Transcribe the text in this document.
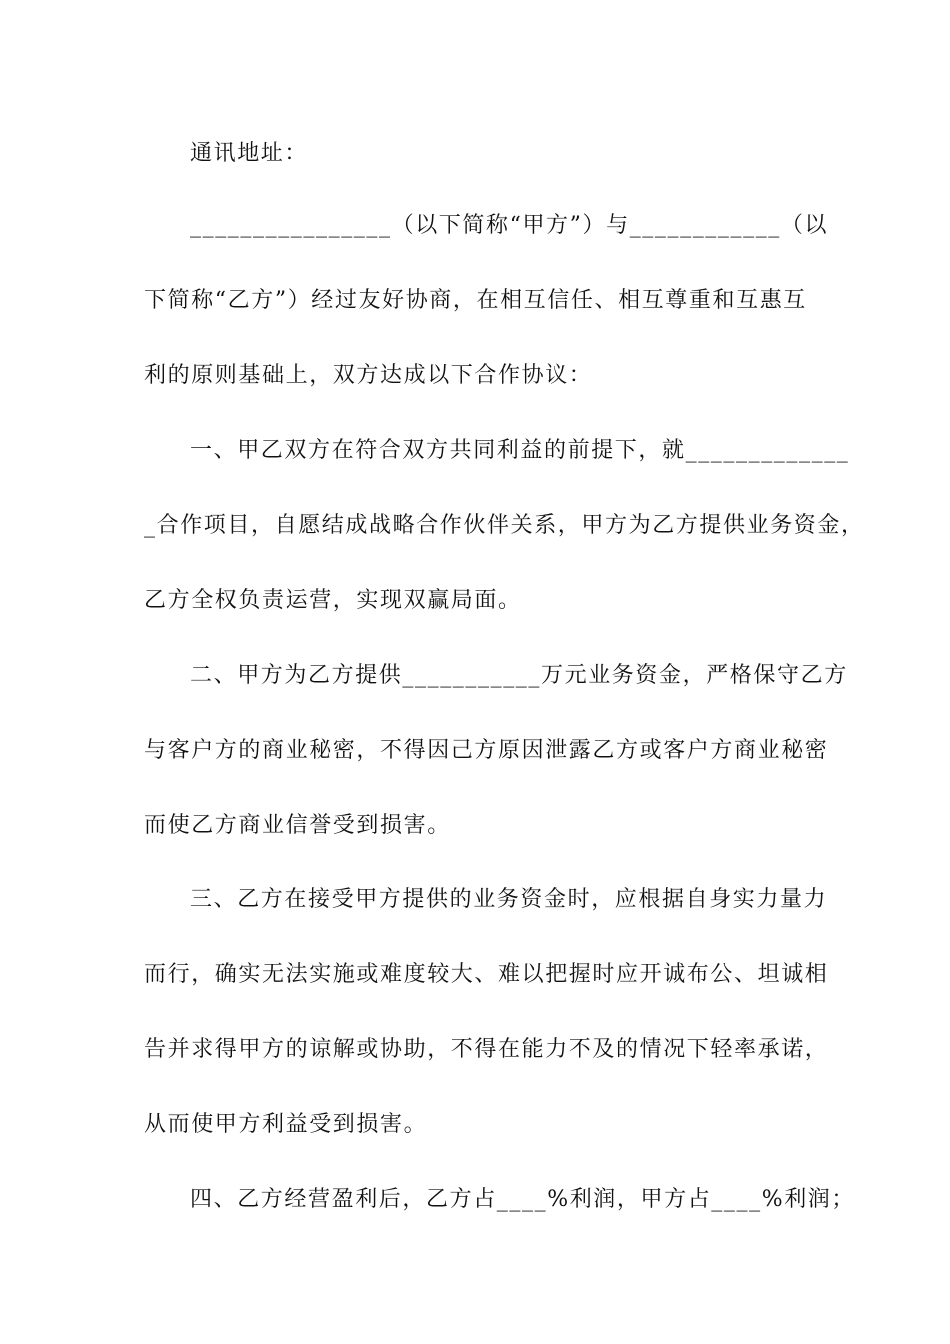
通讯地址：
________________（以下简称“甲方”）与____________（以
下简称“乙方”）经过友好协商，在相互信任、相互尊重和互惠互
利的原则基础上，双方达成以下合作协议：
一、甲乙双方在符合双方共同利益的前提下，就_____________
_合作项目，自愿结成战略合作伙伴关系，甲方为乙方提供业务资金，
乙方全权负责运营，实现双赢局面。
二、甲方为乙方提供___________万元业务资金，严格保守乙方
与客户方的商业秘密，不得因己方原因泄露乙方或客户方商业秘密
而使乙方商业信誉受到损害。
三、乙方在接受甲方提供的业务资金时，应根据自身实力量力
而行，确实无法实施或难度较大、难以把握时应开诚布公、坦诚相
告并求得甲方的谅解或协助，不得在能力不及的情况下轻率承诺，
从而使甲方利益受到损害。
四、乙方经营盈利后，乙方占____%利润，甲方占____%利润；
